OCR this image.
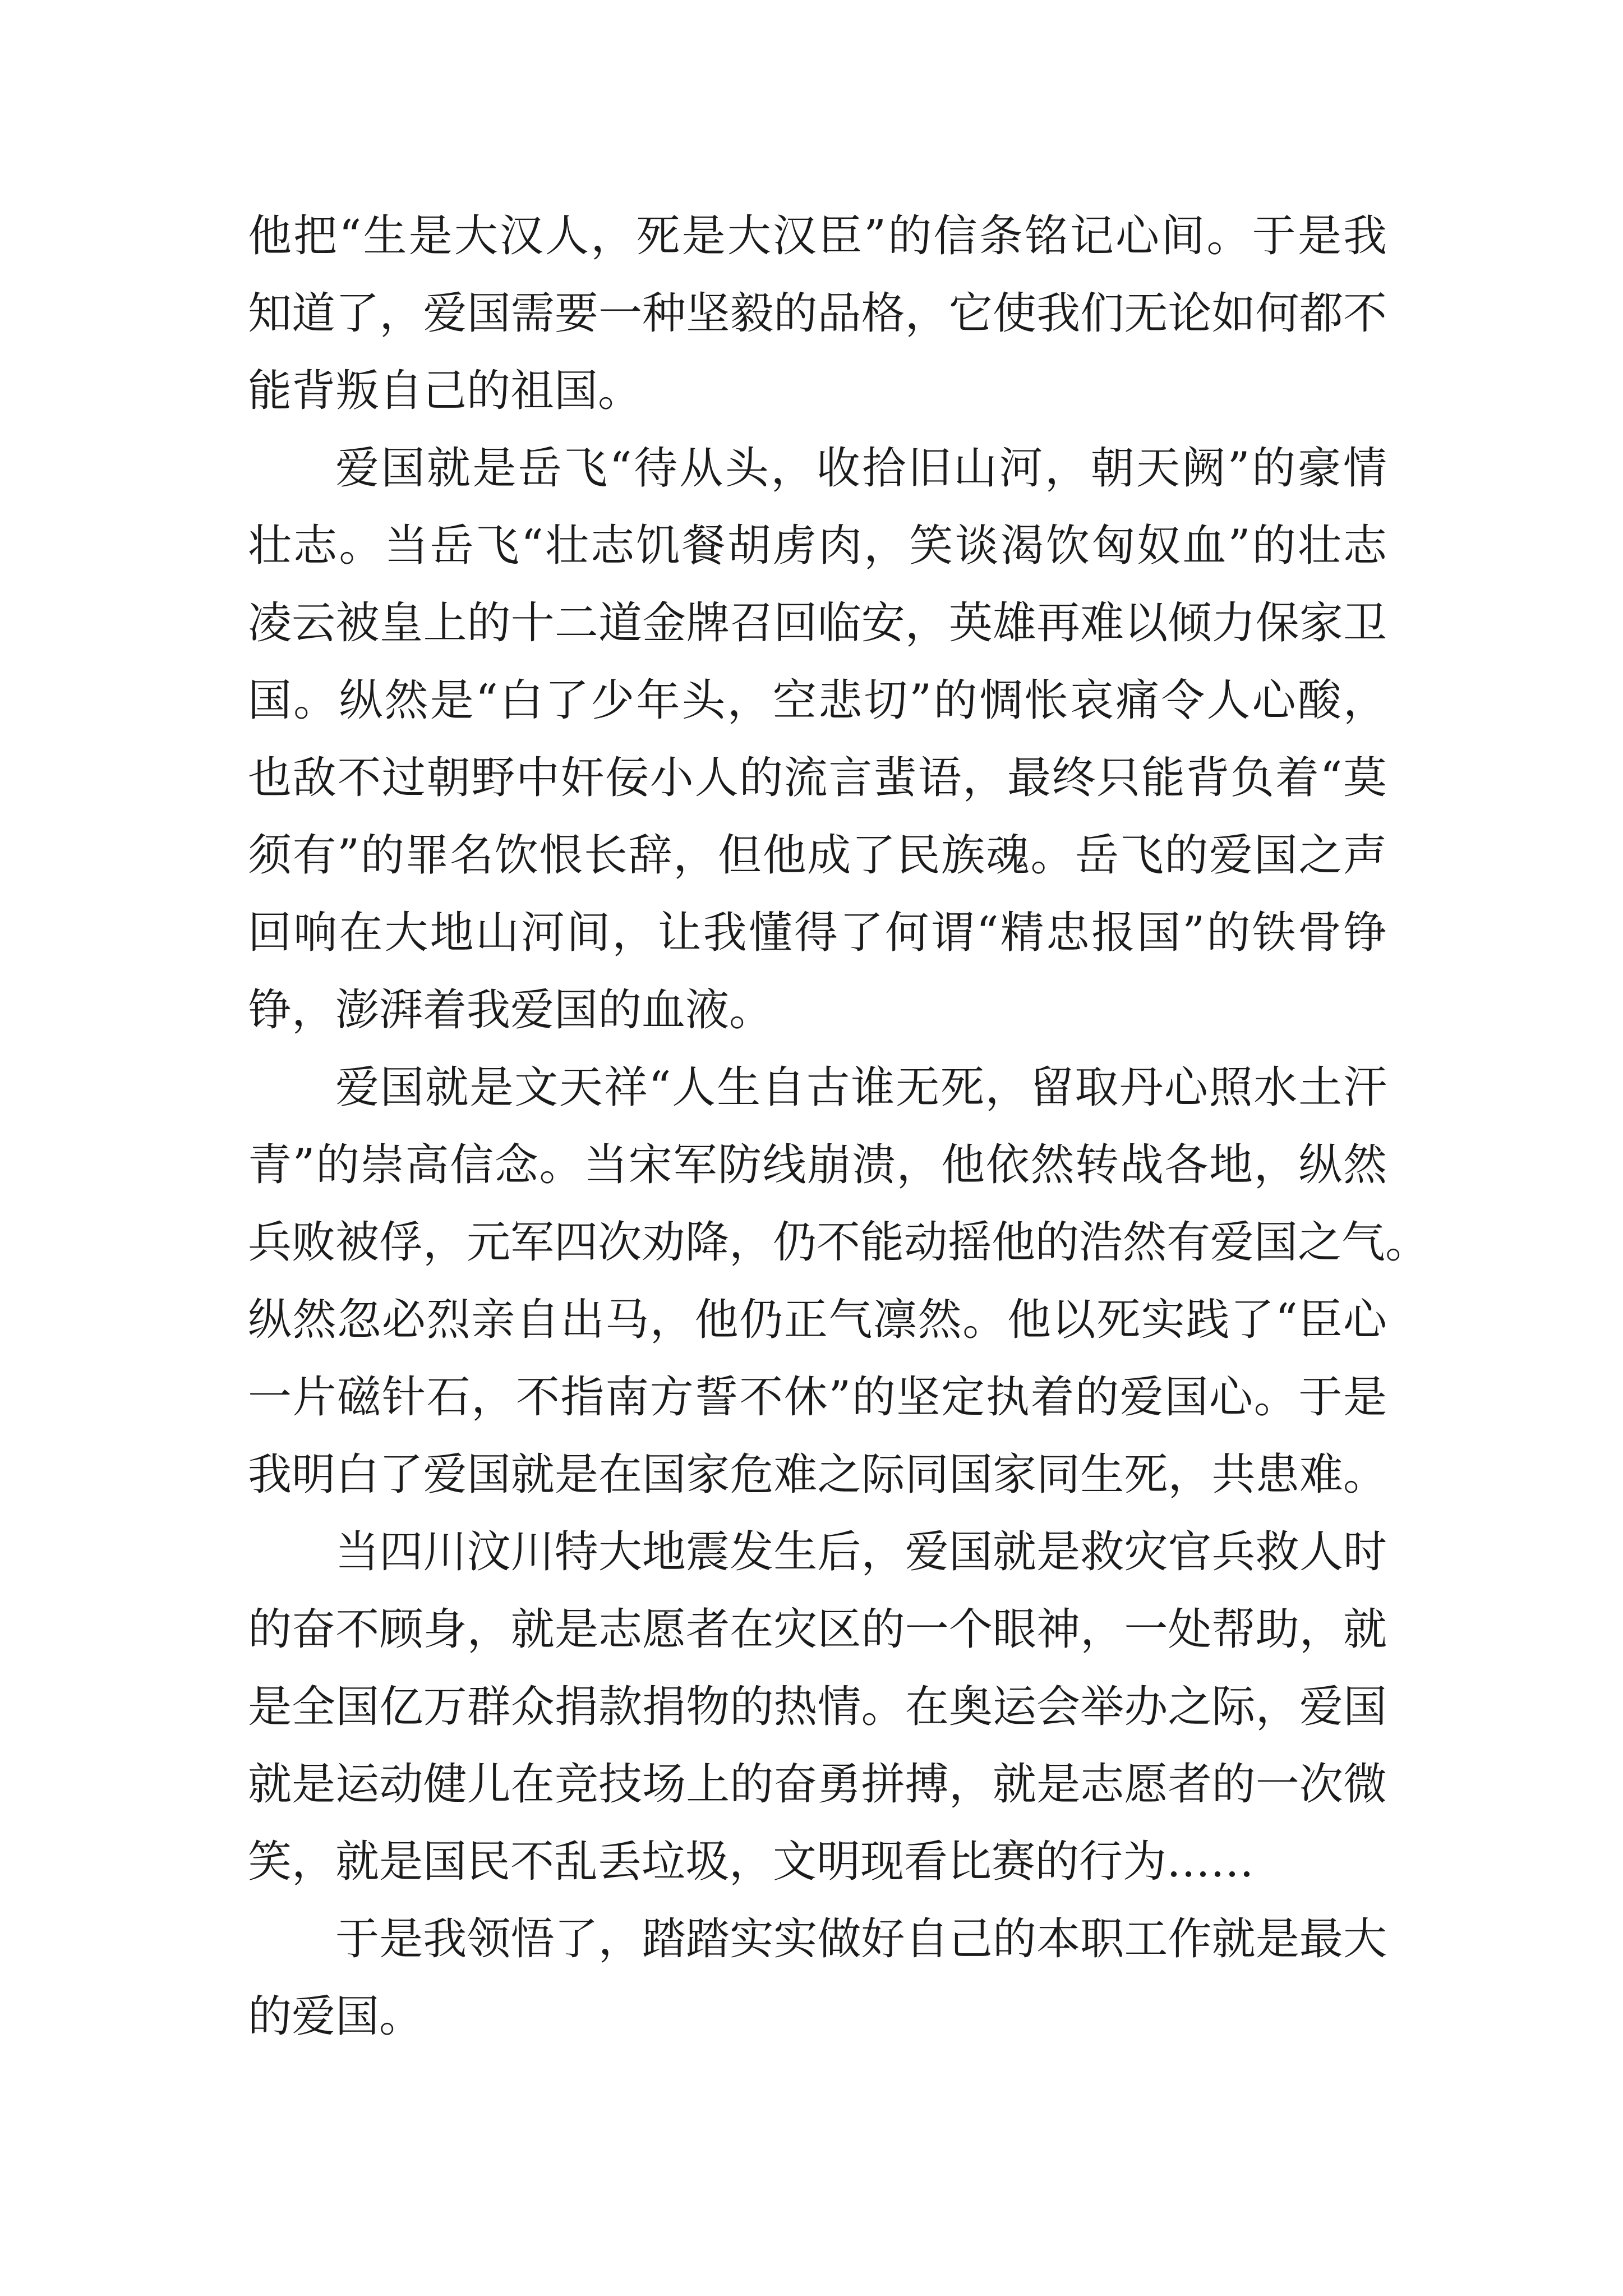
他把“生是大汉人，死是大汉臣”的信条铭记心间。于是我
知道了，爱国需要一种坚毅的品格，它使我们无论如何都不
能背叛自己的祖国。
爱国就是岳飞“待从头，收拾旧山河，朝天阙”的豪情
壮志。当岳飞“壮志饥餐胡虏肉，笑谈渴饮匈奴血”的壮志
凌云被皇上的十二道金牌召回临安，英雄再难以倾力保家卫
国。纵然是“白了少年头，空悲切”的惆怅哀痛令人心酸，
也敌不过朝野中奸佞小人的流言蜚语，最终只能背负着“莫
须有”的罪名饮恨长辞，但他成了民族魂。岳飞的爱国之声
回响在大地山河间，让我懂得了何谓“精忠报国”的铁骨铮
铮，澎湃着我爱国的血液。
爱国就是文天祥“人生自古谁无死，留取丹心照水土汗
青”的崇高信念。当宋军防线崩溃，他依然转战各地，纵然
兵败被俘，元军四次劝降，仍不能动摇他的浩然有爱国之气。
纵然忽必烈亲自出马，他仍正气凛然。他以死实践了“臣心
一片磁针石，不指南方誓不休”的坚定执着的爱国心。于是
我明白了爱国就是在国家危难之际同国家同生死，共患难。
当四川汶川特大地震发生后，爱国就是救灾官兵救人时
的奋不顾身，就是志愿者在灾区的一个眼神，一处帮助，就
是全国亿万群众捐款捐物的热情。在奥运会举办之际，爱国
就是运动健儿在竞技场上的奋勇拼搏，就是志愿者的一次微
笑，就是国民不乱丢垃圾，文明现看比赛的行为……
于是我领悟了，踏踏实实做好自己的本职工作就是最大
的爱国。
